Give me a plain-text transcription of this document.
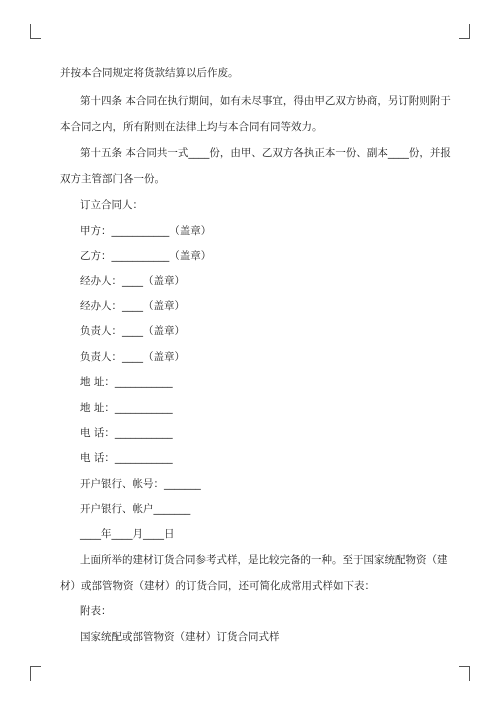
并按本合同规定将货款结算以后作废。
第十四条 本合同在执行期间，如有未尽事宜，得由甲乙双方协商，另订附则附于
本合同之内，所有附则在法律上均与本合同有同等效力。
第十五条 本合同共一式____份，由甲、乙双方各执正本一份、副本____份，并报
双方主管部门各一份。
订立合同人：
甲方：___________（盖章）
乙方：___________（盖章）
经办人：____（盖章）
经办人：____（盖章）
负责人：____（盖章）
负责人：____（盖章）
地 址：___________
地 址：___________
电 话：___________
电 话：___________
开户银行、帐号：_______
开户银行、帐户_______
____年____月____日
上面所举的建材订货合同参考式样，是比较完备的一种。至于国家统配物资（建
材）或部管物资（建材）的订货合同，还可简化成常用式样如下表：
附表：
国家统配或部管物资（建材）订货合同式样
